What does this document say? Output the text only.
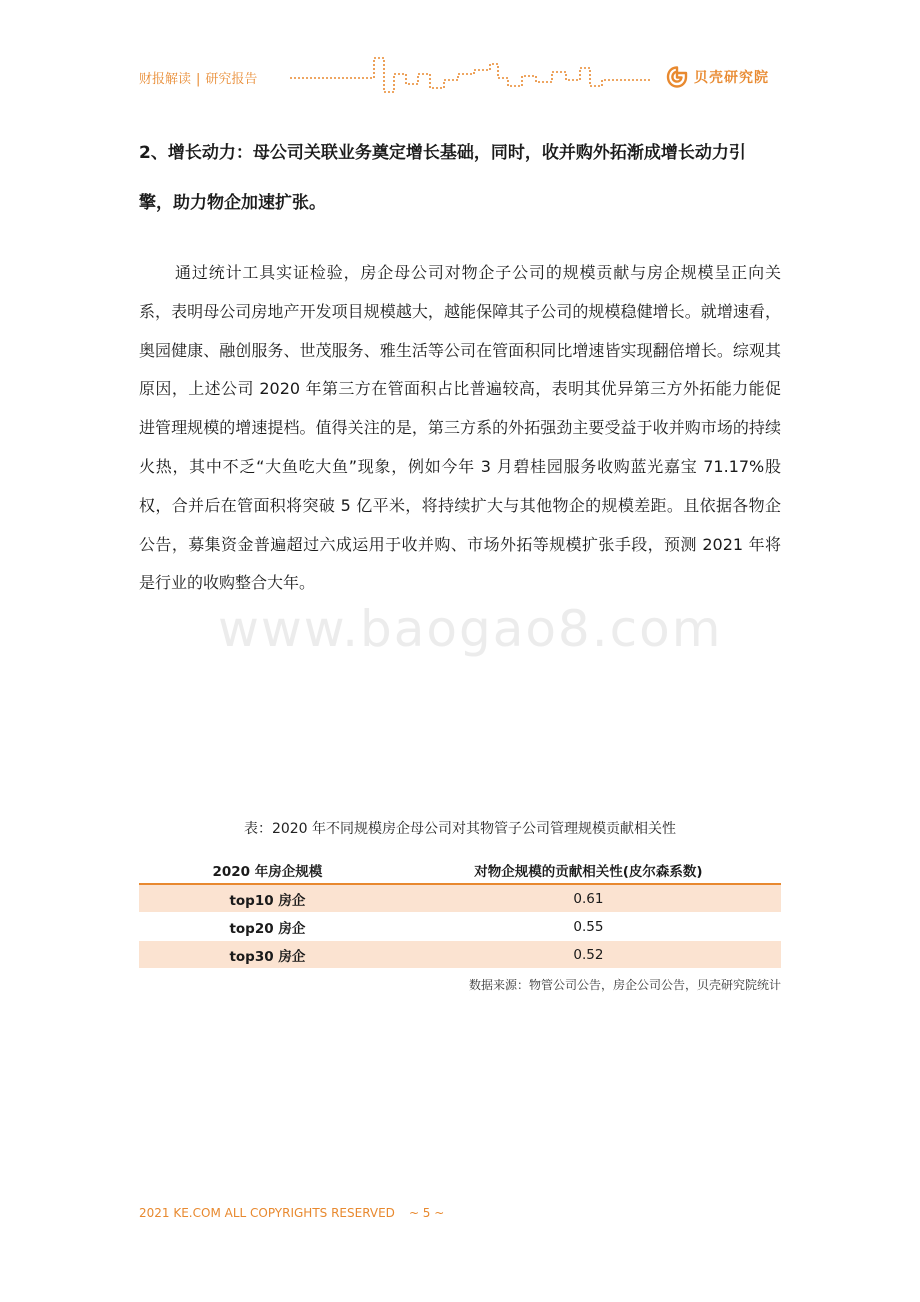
财报解读 | 研究报告	贝壳研究院

2、增长动力：母公司关联业务奠定增长基础，同时，收并购外拓渐成增长动力引擎，助力物企加速扩张。

通过统计工具实证检验，房企母公司对物企子公司的规模贡献与房企规模呈正向关系，表明母公司房地产开发项目规模越大，越能保障其子公司的规模稳健增长。就增速看，奥园健康、融创服务、世茂服务、雅生活等公司在管面积同比增速皆实现翻倍增长。综观其原因，上述公司 2020 年第三方在管面积占比普遍较高，表明其优异第三方外拓能力能促进管理规模的增速提档。值得关注的是，第三方系的外拓强劲主要受益于收并购市场的持续火热，其中不乏“大鱼吃大鱼”现象，例如今年 3 月碧桂园服务收购蓝光嘉宝 71.17%股权，合并后在管面积将突破 5 亿平米，将持续扩大与其他物企的规模差距。且依据各物企公告，募集资金普遍超过六成运用于收并购、市场外拓等规模扩张手段，预测 2021 年将是行业的收购整合大年。

www.baogao8.com

表：2020 年不同规模房企母公司对其物管子公司管理规模贡献相关性

2020 年房企规模	对物企规模的贡献相关性(皮尔森系数)
top10 房企	0.61
top20 房企	0.55
top30 房企	0.52
数据来源：物管公司公告，房企公司公告，贝壳研究院统计
2021 KE.COM ALL COPYRIGHTS RESERVED ~ 5 ~
